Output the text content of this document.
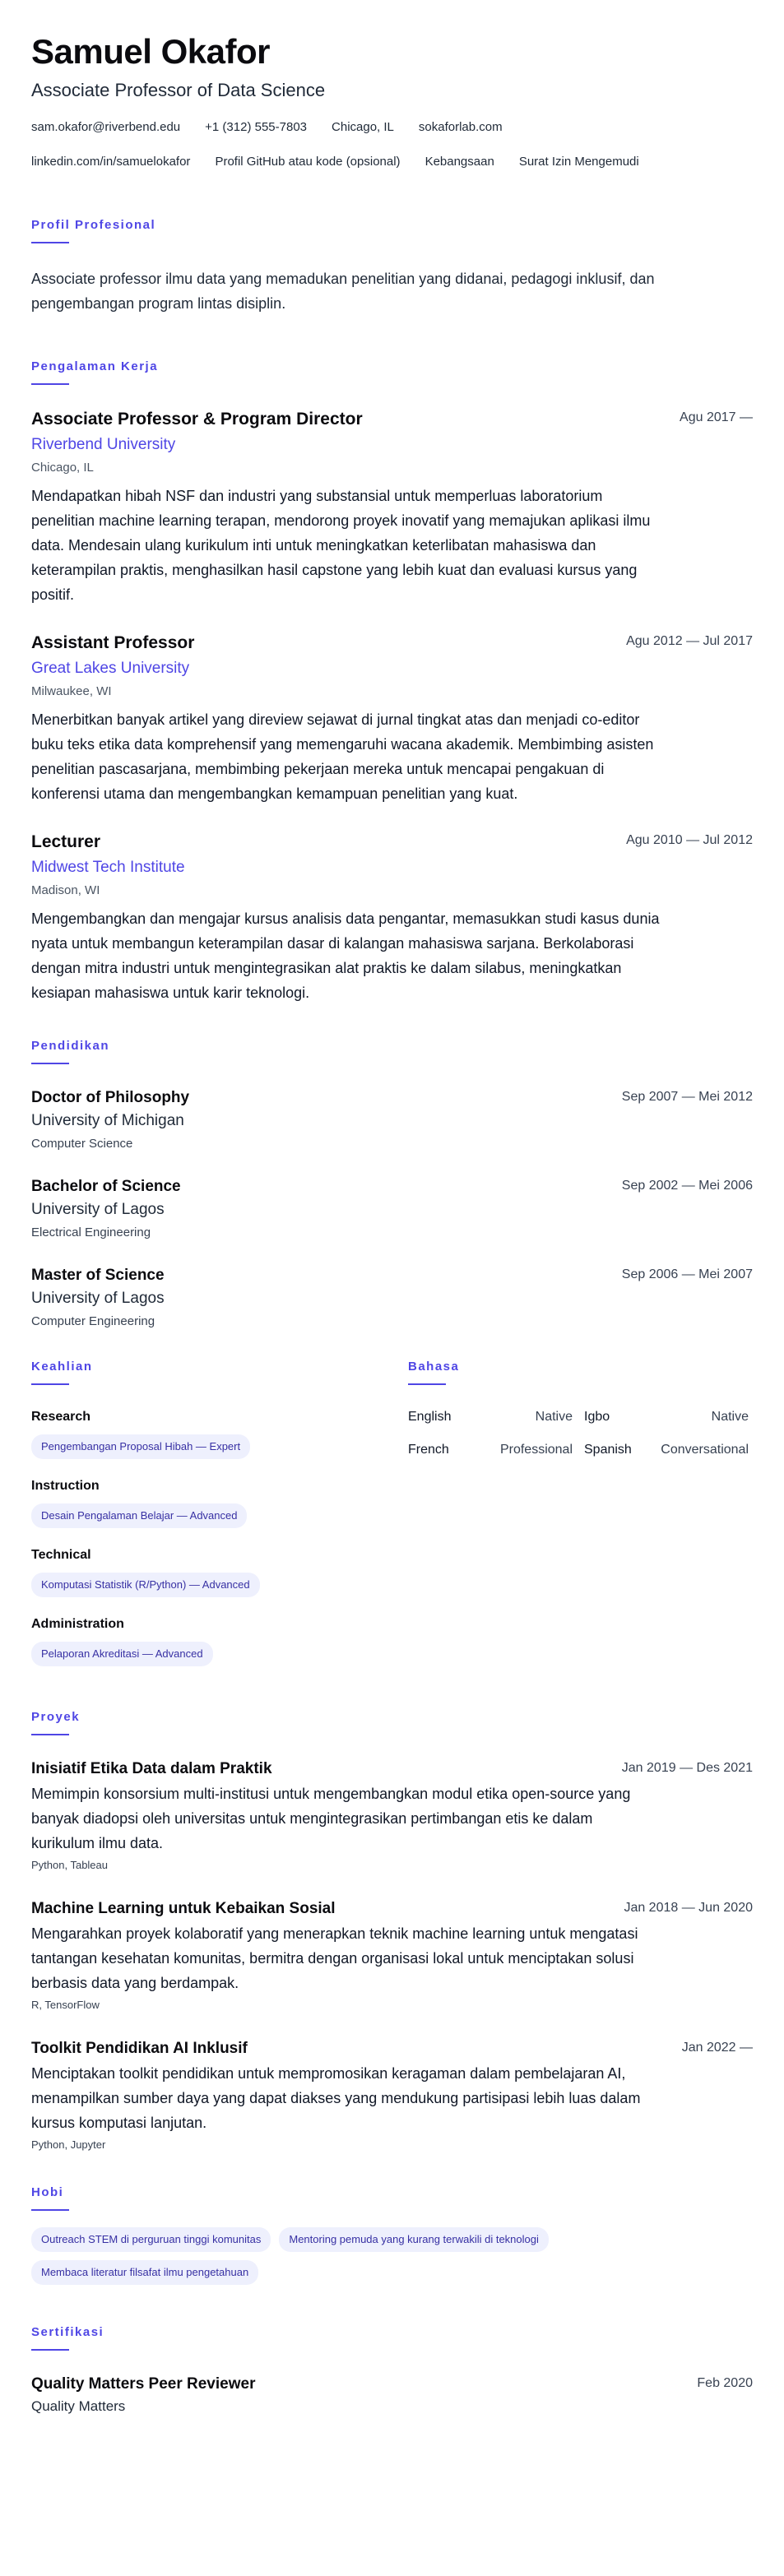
Samuel Okafor
Associate Professor of Data Science
sam.okafor@riverbend.edu +1 (312) 555-7803 Chicago, IL sokaforlab.com
linkedin.com/in/samuelokafor Profil GitHub atau kode (opsional) Kebangsaan Surat Izin Mengemudi
Profil Profesional
Associate professor ilmu data yang memadukan penelitian yang didanai, pedagogi inklusif, dan pengembangan program lintas disiplin.
Pengalaman Kerja
Associate Professor & Program Director	Agu 2017 —
Riverbend University
Chicago, IL
Mendapatkan hibah NSF dan industri yang substansial untuk memperluas laboratorium penelitian machine learning terapan, mendorong proyek inovatif yang memajukan aplikasi ilmu data. Mendesain ulang kurikulum inti untuk meningkatkan keterlibatan mahasiswa dan keterampilan praktis, menghasilkan hasil capstone yang lebih kuat dan evaluasi kursus yang positif.
Assistant Professor	Agu 2012 — Jul 2017
Great Lakes University
Milwaukee, WI
Menerbitkan banyak artikel yang direview sejawat di jurnal tingkat atas dan menjadi co-editor buku teks etika data komprehensif yang memengaruhi wacana akademik. Membimbing asisten penelitian pascasarjana, membimbing pekerjaan mereka untuk mencapai pengakuan di konferensi utama dan mengembangkan kemampuan penelitian yang kuat.
Lecturer	Agu 2010 — Jul 2012
Midwest Tech Institute
Madison, WI
Mengembangkan dan mengajar kursus analisis data pengantar, memasukkan studi kasus dunia nyata untuk membangun keterampilan dasar di kalangan mahasiswa sarjana. Berkolaborasi dengan mitra industri untuk mengintegrasikan alat praktis ke dalam silabus, meningkatkan kesiapan mahasiswa untuk karir teknologi.
Pendidikan
Doctor of Philosophy	Sep 2007 — Mei 2012
University of Michigan
Computer Science
Bachelor of Science	Sep 2002 — Mei 2006
University of Lagos
Electrical Engineering
Master of Science	Sep 2006 — Mei 2007
University of Lagos
Computer Engineering
Keahlian
Research
Pengembangan Proposal Hibah — Expert
Instruction
Desain Pengalaman Belajar — Advanced
Technical
Komputasi Statistik (R/Python) — Advanced
Administration
Pelaporan Akreditasi — Advanced
Bahasa
English	Native Igbo	Native
French	Professional Spanish	Conversational
Proyek
Inisiatif Etika Data dalam Praktik	Jan 2019 — Des 2021
Memimpin konsorsium multi-institusi untuk mengembangkan modul etika open-source yang banyak diadopsi oleh universitas untuk mengintegrasikan pertimbangan etis ke dalam kurikulum ilmu data.
Python, Tableau
Machine Learning untuk Kebaikan Sosial	Jan 2018 — Jun 2020
Mengarahkan proyek kolaboratif yang menerapkan teknik machine learning untuk mengatasi tantangan kesehatan komunitas, bermitra dengan organisasi lokal untuk menciptakan solusi berbasis data yang berdampak.
R, TensorFlow
Toolkit Pendidikan AI Inklusif	Jan 2022 —
Menciptakan toolkit pendidikan untuk mempromosikan keragaman dalam pembelajaran AI, menampilkan sumber daya yang dapat diakses yang mendukung partisipasi lebih luas dalam kursus komputasi lanjutan.
Python, Jupyter
Hobi
Outreach STEM di perguruan tinggi komunitas	Mentoring pemuda yang kurang terwakili di teknologi
Membaca literatur filsafat ilmu pengetahuan
Sertifikasi
Quality Matters Peer Reviewer	Feb 2020
Quality Matters
